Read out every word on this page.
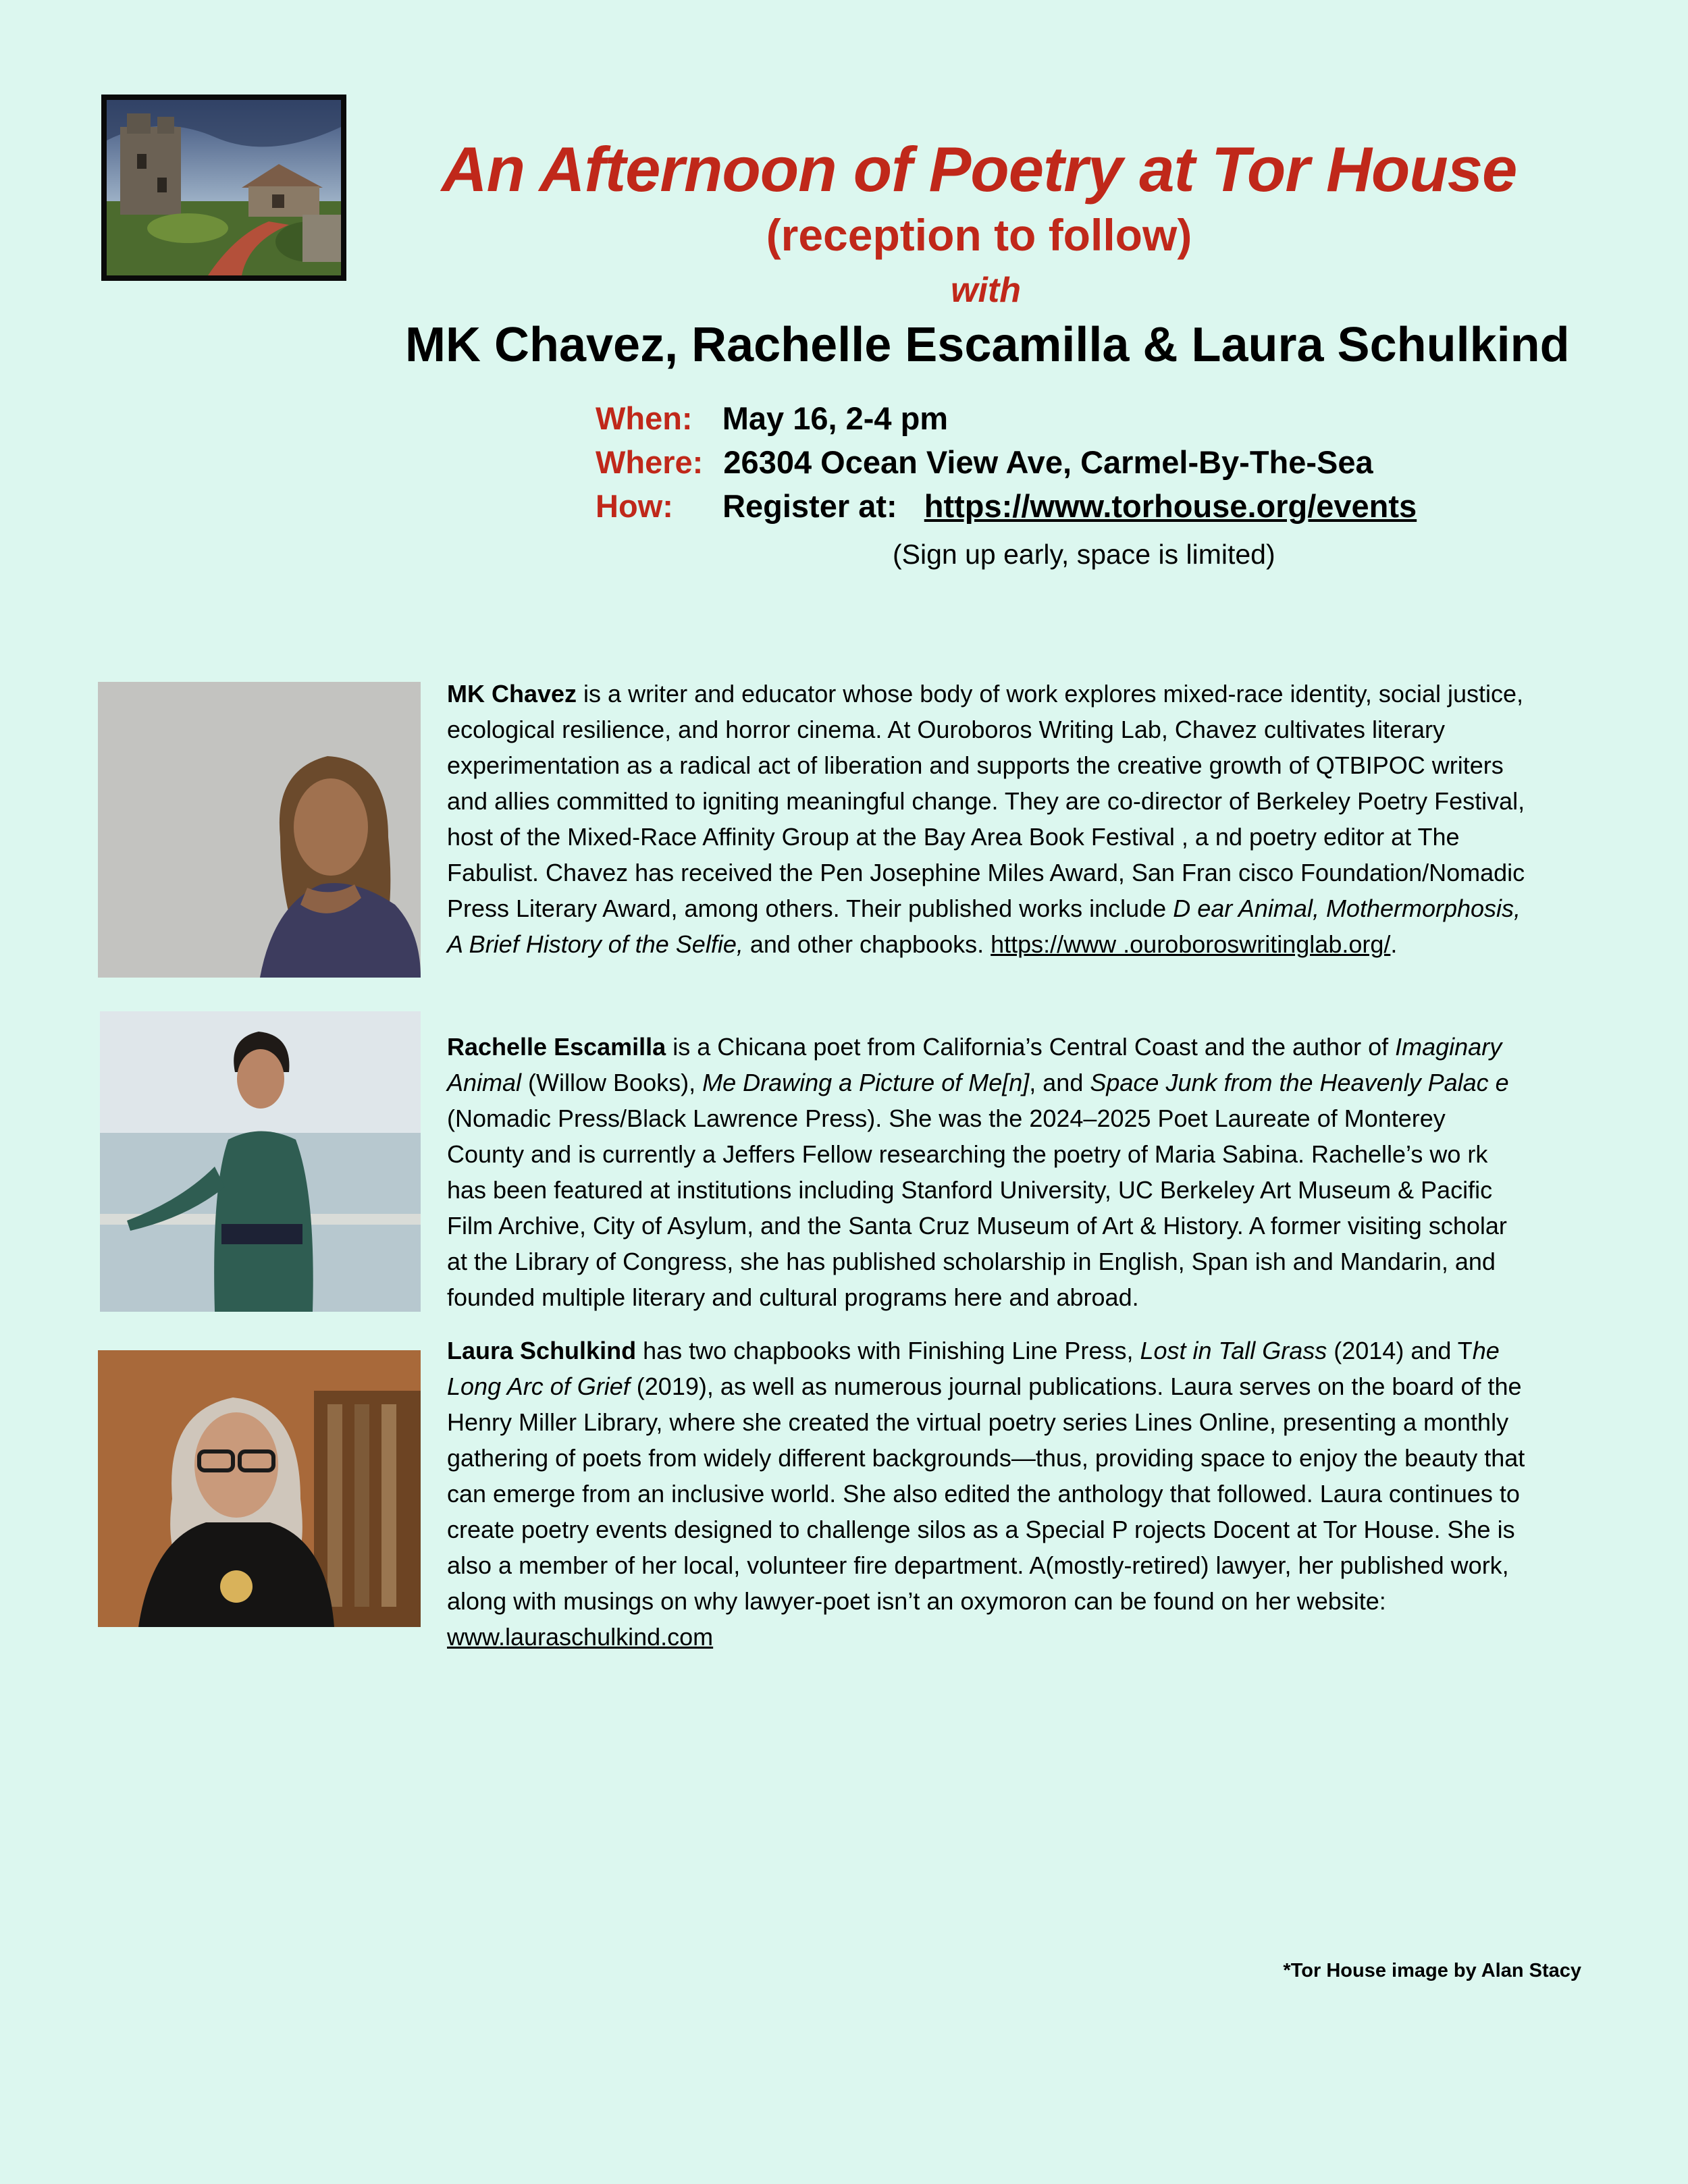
An Afternoon of Poetry at Tor House
(reception to follow)
with
MK Chavez, Rachelle Escamilla & Laura Schulkind
When: May 16, 2-4 pm
Where: 26304 Ocean View Ave, Carmel-By-The-Sea
How: Register at: https://www.torhouse.org/events
(Sign up early, space is limited)
MK Chavez is a writer and educator whose body of work explores mixed-race identity, social justice, ecological resilience, and horror cinema. At Ouroboros Writing Lab, Chavez cultivates literary experimentation as a radical act of liberation and supports the creative growth of QTBIPOC writers and allies committed to igniting meaningful change. They are co-director of Berkeley Poetry Festival, host of the Mixed-Race Affinity Group at the Bay Area Book Festival , a nd poetry editor at The Fabulist. Chavez has received the Pen Josephine Miles Award, San Fran cisco Foundation/Nomadic Press Literary Award, among others. Their published works include D ear Animal, Mothermorphosis, A Brief History of the Selfie, and other chapbooks. https://www .ouroboroswritinglab.org/.
Rachelle Escamilla is a Chicana poet from California’s Central Coast and the author of Imaginary Animal (Willow Books), Me Drawing a Picture of Me[n], and Space Junk from the Heavenly Palac e (Nomadic Press/Black Lawrence Press). She was the 2024–2025 Poet Laureate of Monterey County and is currently a Jeffers Fellow researching the poetry of Maria Sabina. Rachelle’s wo rk has been featured at institutions including Stanford University, UC Berkeley Art Museum & Pacific Film Archive, City of Asylum, and the Santa Cruz Museum of Art & History. A former visiting scholar at the Library of Congress, she has published scholarship in English, Span ish and Mandarin, and founded multiple literary and cultural programs here and abroad.
Laura Schulkind has two chapbooks with Finishing Line Press, Lost in Tall Grass (2014) and The Long Arc of Grief (2019), as well as numerous journal publications. Laura serves on the board of the Henry Miller Library, where she created the virtual poetry series Lines Online, presenting a monthly gathering of poets from widely different backgrounds—thus, providing space to enjoy the beauty that can emerge from an inclusive world. She also edited the anthology that followed. Laura continues to create poetry events designed to challenge silos as a Special P rojects Docent at Tor House. She is also a member of her local, volunteer fire department. A(mostly-retired) lawyer, her published work, along with musings on why lawyer-poet isn’t an oxymoron can be found on her website: www.lauraschulkind.com
*Tor House image by Alan Stacy
